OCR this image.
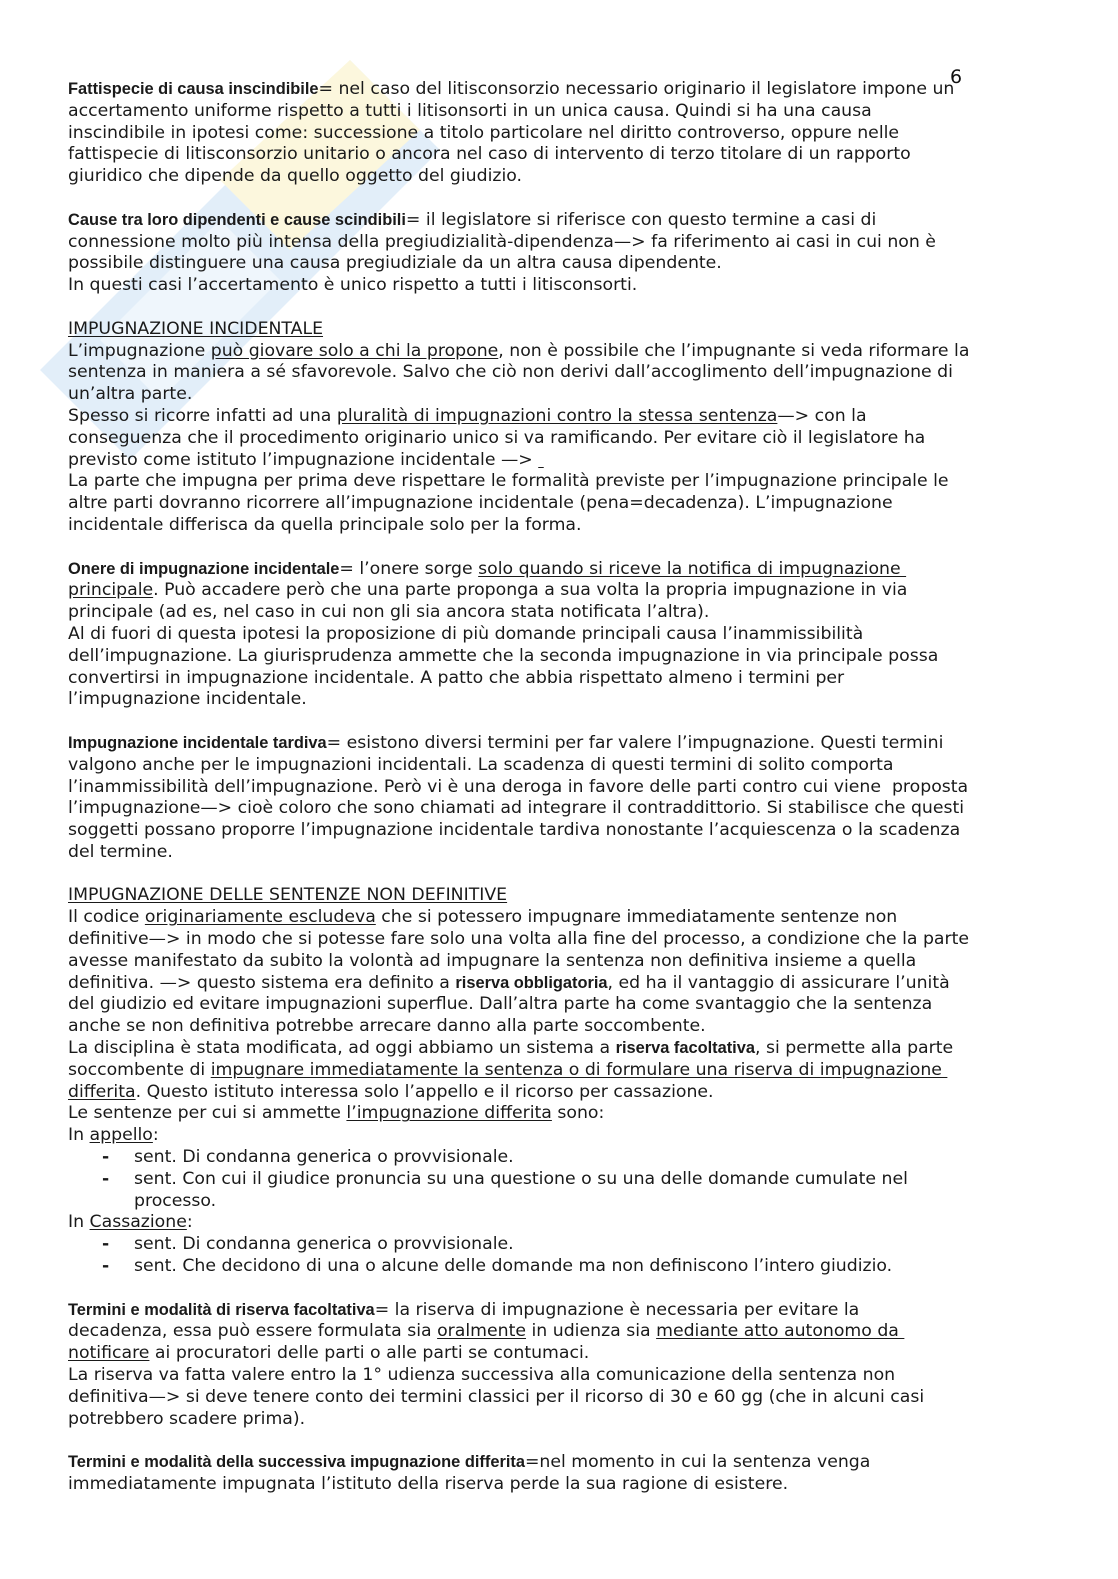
6
Fattispecie di causa inscindibile= nel caso del litisconsorzio necessario originario il legislatore impone un
accertamento uniforme rispetto a tutti i litisonsorti in un unica causa. Quindi si ha una causa
inscindibile in ipotesi come: successione a titolo particolare nel diritto controverso, oppure nelle
fattispecie di litisconsorzio unitario o ancora nel caso di intervento di terzo titolare di un rapporto
giuridico che dipende da quello oggetto del giudizio.
Cause tra loro dipendenti e cause scindibili= il legislatore si riferisce con questo termine a casi di
connessione molto più intensa della pregiudizialità-dipendenza—> fa riferimento ai casi in cui non è
possibile distinguere una causa pregiudiziale da un altra causa dipendente.
In questi casi l’accertamento è unico rispetto a tutti i litisconsorti.
IMPUGNAZIONE INCIDENTALE
L’impugnazione può giovare solo a chi la propone, non è possibile che l’impugnante si veda riformare la
sentenza in maniera a sé sfavorevole. Salvo che ciò non derivi dall’accoglimento dell’impugnazione di
un’altra parte.
Spesso si ricorre infatti ad una pluralità di impugnazioni contro la stessa sentenza—> con la
conseguenza che il procedimento originario unico si va ramificando. Per evitare ciò il legislatore ha
previsto come istituto l’impugnazione incidentale —>
La parte che impugna per prima deve rispettare le formalità previste per l’impugnazione principale le
altre parti dovranno ricorrere all’impugnazione incidentale (pena=decadenza). L’impugnazione
incidentale differisca da quella principale solo per la forma.
Onere di impugnazione incidentale= l’onere sorge solo quando si riceve la notifica di impugnazione
principale. Può accadere però che una parte proponga a sua volta la propria impugnazione in via
principale (ad es, nel caso in cui non gli sia ancora stata notificata l’altra).
Al di fuori di questa ipotesi la proposizione di più domande principali causa l’inammissibilità
dell’impugnazione. La giurisprudenza ammette che la seconda impugnazione in via principale possa
convertirsi in impugnazione incidentale. A patto che abbia rispettato almeno i termini per
l’impugnazione incidentale.
Impugnazione incidentale tardiva= esistono diversi termini per far valere l’impugnazione. Questi termini
valgono anche per le impugnazioni incidentali. La scadenza di questi termini di solito comporta
l’inammissibilità dell’impugnazione. Però vi è una deroga in favore delle parti contro cui viene  proposta
l’impugnazione—> cioè coloro che sono chiamati ad integrare il contraddittorio. Si stabilisce che questi
soggetti possano proporre l’impugnazione incidentale tardiva nonostante l’acquiescenza o la scadenza
del termine.
IMPUGNAZIONE DELLE SENTENZE NON DEFINITIVE
Il codice originariamente escludeva che si potessero impugnare immediatamente sentenze non
definitive—> in modo che si potesse fare solo una volta alla fine del processo, a condizione che la parte
avesse manifestato da subito la volontà ad impugnare la sentenza non definitiva insieme a quella
definitiva. —> questo sistema era definito a riserva obbligatoria, ed ha il vantaggio di assicurare l’unità
del giudizio ed evitare impugnazioni superflue. Dall’altra parte ha come svantaggio che la sentenza
anche se non definitiva potrebbe arrecare danno alla parte soccombente.
La disciplina è stata modificata, ad oggi abbiamo un sistema a riserva facoltativa, si permette alla parte
soccombente di impugnare immediatamente la sentenza o di formulare una riserva di impugnazione
differita. Questo istituto interessa solo l’appello e il ricorso per cassazione.
Le sentenze per cui si ammette l’impugnazione differita sono:
In appello:
- sent. Di condanna generica o provvisionale.
- sent. Con cui il giudice pronuncia su una questione o su una delle domande cumulate nel
processo.
In Cassazione:
- sent. Di condanna generica o provvisionale.
- sent. Che decidono di una o alcune delle domande ma non definiscono l’intero giudizio.
Termini e modalità di riserva facoltativa= la riserva di impugnazione è necessaria per evitare la
decadenza, essa può essere formulata sia oralmente in udienza sia mediante atto autonomo da
notificare ai procuratori delle parti o alle parti se contumaci.
La riserva va fatta valere entro la 1° udienza successiva alla comunicazione della sentenza non
definitiva—> si deve tenere conto dei termini classici per il ricorso di 30 e 60 gg (che in alcuni casi
potrebbero scadere prima).
Termini e modalità della successiva impugnazione differita=nel momento in cui la sentenza venga
immediatamente impugnata l’istituto della riserva perde la sua ragione di esistere.
